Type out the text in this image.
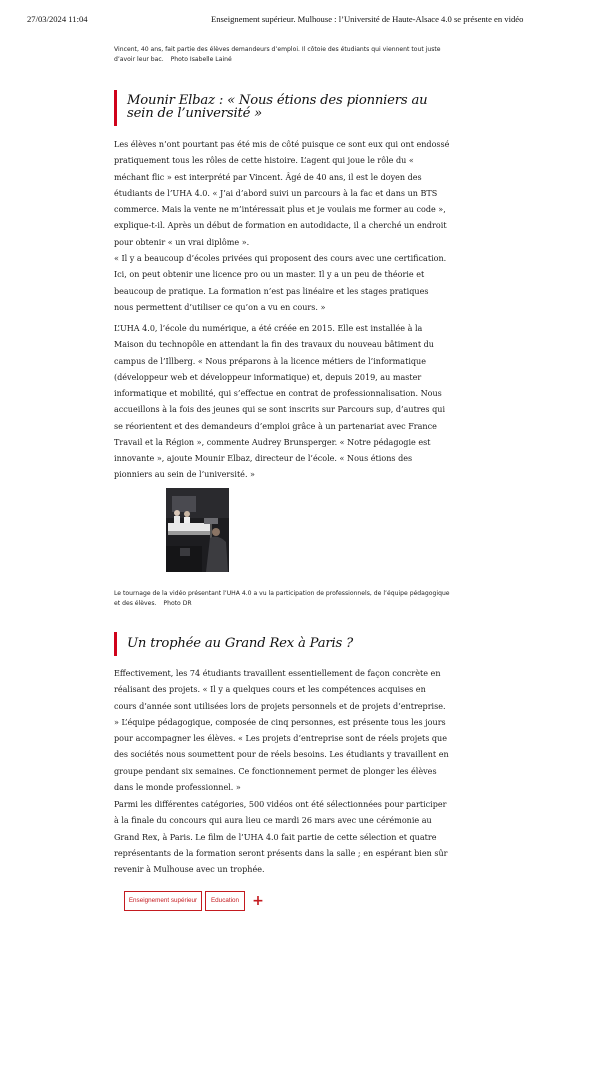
27/03/2024 11:04	Enseignement supérieur. Mulhouse : l’Université de Haute-Alsace 4.0 se présente en vidéo
Vincent, 40 ans, fait partie des élèves demandeurs d’emploi. Il côtoie des étudiants qui viennent tout juste d’avoir leur bac. Photo Isabelle Lainé
Mounir Elbaz : « Nous étions des pionniers au sein de l’université »

Les élèves n’ont pourtant pas été mis de côté puisque ce sont eux qui ont endossé pratiquement tous les rôles de cette histoire. L’agent qui joue le rôle du « méchant flic » est interprété par Vincent. Âgé de 40 ans, il est le doyen des étudiants de l’UHA 4.0. « J’ai d’abord suivi un parcours à la fac et dans un BTS commerce. Mais la vente ne m’intéressait plus et je voulais me former au code », explique-t-il. Après un début de formation en autodidacte, il a cherché un endroit pour obtenir « un vrai diplôme ».

« Il y a beaucoup d’écoles privées qui proposent des cours avec une certification. Ici, on peut obtenir une licence pro ou un master. Il y a un peu de théorie et beaucoup de pratique. La formation n’est pas linéaire et les stages pratiques nous permettent d’utiliser ce qu’on a vu en cours. »

L’UHA 4.0, l’école du numérique, a été créée en 2015. Elle est installée à la Maison du technopôle en attendant la fin des travaux du nouveau bâtiment du campus de l’Illberg. « Nous préparons à la licence métiers de l’informatique (développeur web et développeur informatique) et, depuis 2019, au master informatique et mobilité, qui s’effectue en contrat de professionnalisation. Nous accueillons à la fois des jeunes qui se sont inscrits sur Parcours sup, d’autres qui se réorientent et des demandeurs d’emploi grâce à un partenariat avec France Travail et la Région », commente Audrey Brunsperger. « Notre pédagogie est innovante », ajoute Mounir Elbaz, directeur de l’école. « Nous étions des pionniers au sein de l’université. »

Le tournage de la vidéo présentant l’UHA 4.0 a vu la participation de professionnels, de l’équipe pédagogique et des élèves. Photo DR
Un trophée au Grand Rex à Paris ?

Effectivement, les 74 étudiants travaillent essentiellement de façon concrète en réalisant des projets. « Il y a quelques cours et les compétences acquises en cours d’année sont utilisées lors de projets personnels et de projets d’entreprise. » L’équipe pédagogique, composée de cinq personnes, est présente tous les jours pour accompagner les élèves. « Les projets d’entreprise sont de réels projets que des sociétés nous soumettent pour de réels besoins. Les étudiants y travaillent en groupe pendant six semaines. Ce fonctionnement permet de plonger les élèves dans le monde professionnel. »

Parmi les différentes catégories, 500 vidéos ont été sélectionnées pour participer à la finale du concours qui aura lieu ce mardi 26 mars avec une cérémonie au Grand Rex, à Paris. Le film de l’UHA 4.0 fait partie de cette sélection et quatre représentants de la formation seront présents dans la salle ; en espérant bien sûr revenir à Mulhouse avec un trophée.

Enseignement supérieur	Education +
